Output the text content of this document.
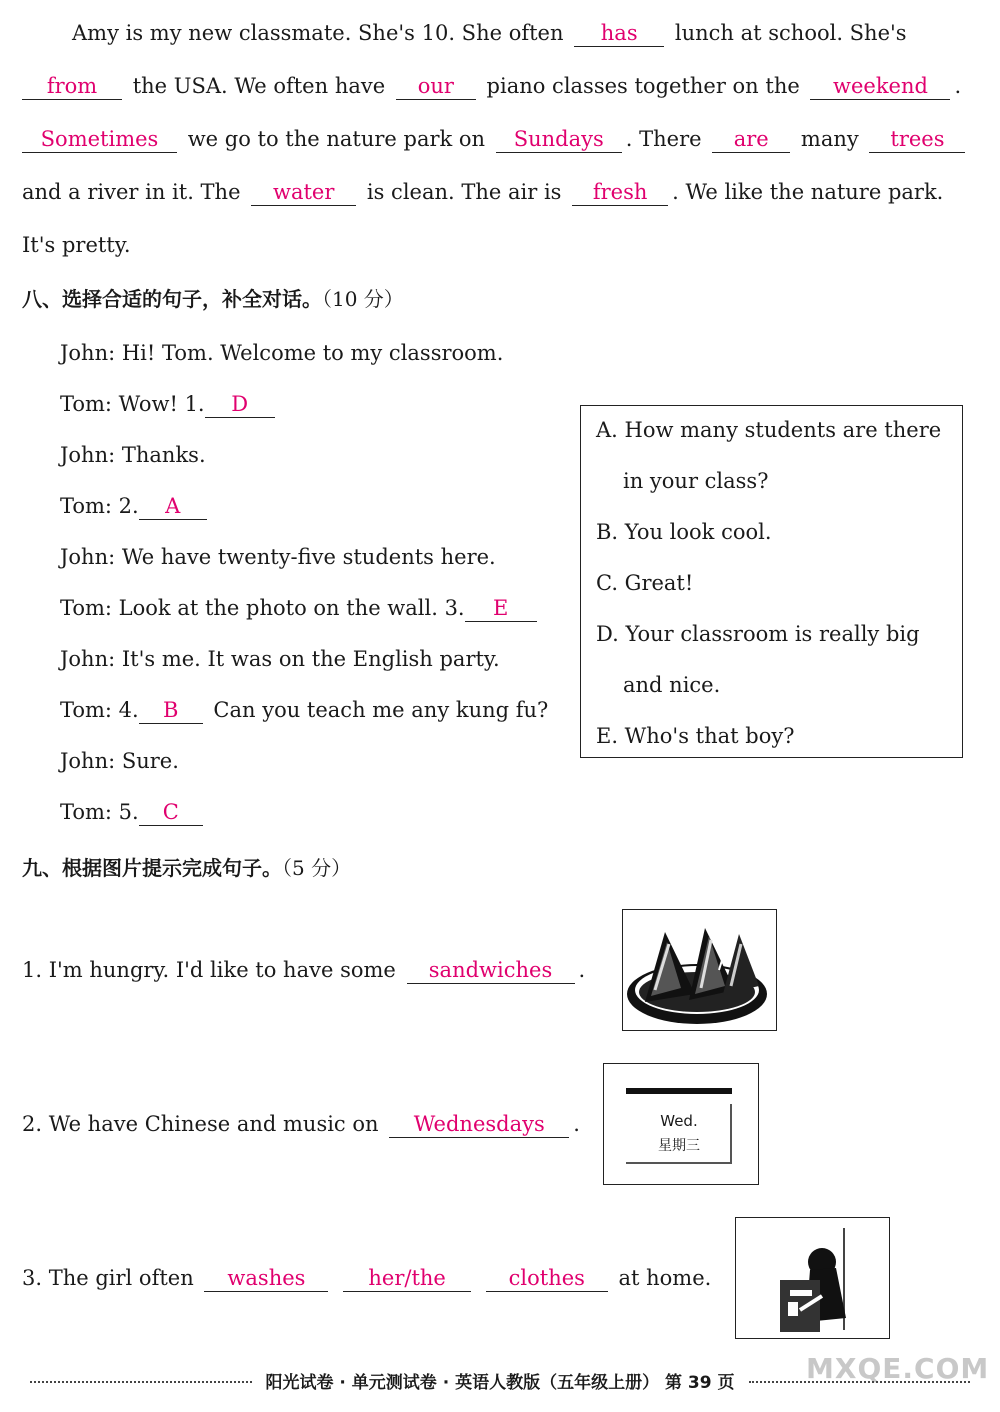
Amy is my new classmate. She's 10. She often has lunch at school. She's
from the USA. We often have our piano classes together on the weekend .
Sometimes we go to the nature park on Sundays . There are many trees
and a river in it. The water is clean. The air is fresh . We like the nature park.
It's pretty.
八、选择合适的句子，补全对话。（10 分）
John: Hi! Tom. Welcome to my classroom.
Tom: Wow! 1. D
John: Thanks.
Tom: 2. A
John: We have twenty-five students here.
Tom: Look at the photo on the wall. 3. E
John: It's me. It was on the English party.
Tom: 4. B Can you teach me any kung fu?
John: Sure.
Tom: 5. C
A. How many students are there
in your class?
B. You look cool.
C. Great!
D. Your classroom is really big
and nice.
E. Who's that boy?
九、根据图片提示完成句子。（5 分）
1. I'm hungry. I'd like to have some sandwiches .
2. We have Chinese and music on Wednesdays .	Wed.
星期三
3. The girl often washes	her/the	clothes at home.
MXQE.COM
阳光试卷 · 单元测试卷 · 英语人教版（五年级上册） 第 39 页
